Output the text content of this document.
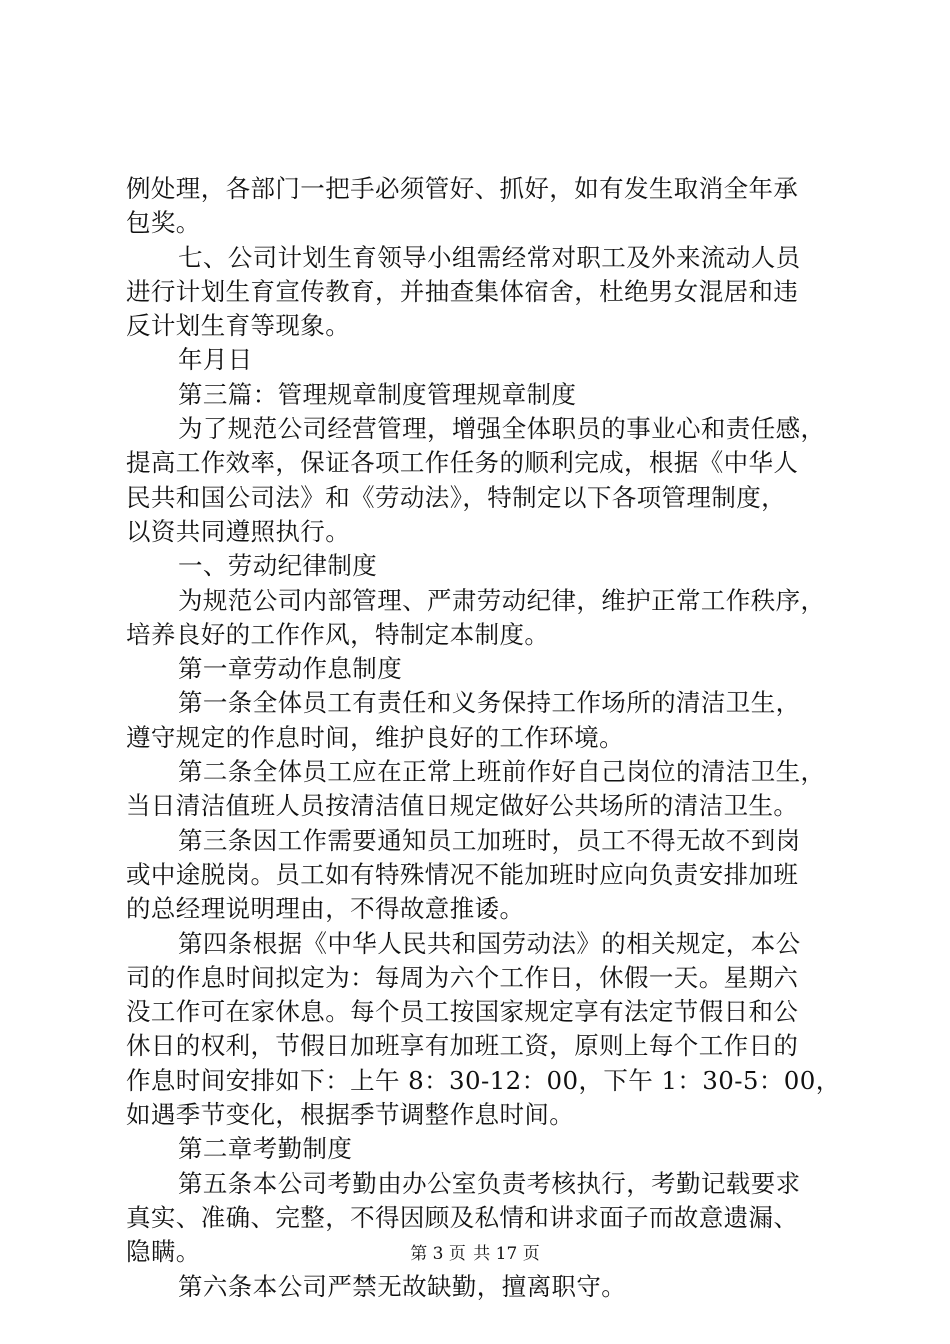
例处理，各部门一把手必须管好、抓好，如有发生取消全年承
包奖。
七、公司计划生育领导小组需经常对职工及外来流动人员
进行计划生育宣传教育，并抽查集体宿舍，杜绝男女混居和违
反计划生育等现象。
年月日
第三篇：管理规章制度管理规章制度
为了规范公司经营管理，增强全体职员的事业心和责任感，
提高工作效率，保证各项工作任务的顺利完成，根据《中华人
民共和国公司法》和《劳动法》，特制定以下各项管理制度，
以资共同遵照执行。
一、劳动纪律制度
为规范公司内部管理、严肃劳动纪律，维护正常工作秩序，
培养良好的工作作风，特制定本制度。
第一章劳动作息制度
第一条全体员工有责任和义务保持工作场所的清洁卫生，
遵守规定的作息时间，维护良好的工作环境。
第二条全体员工应在正常上班前作好自己岗位的清洁卫生，
当日清洁值班人员按清洁值日规定做好公共场所的清洁卫生。
第三条因工作需要通知员工加班时，员工不得无故不到岗
或中途脱岗。员工如有特殊情况不能加班时应向负责安排加班
的总经理说明理由，不得故意推诿。
第四条根据《中华人民共和国劳动法》的相关规定，本公
司的作息时间拟定为：每周为六个工作日，休假一天。星期六
没工作可在家休息。每个员工按国家规定享有法定节假日和公
休日的权利，节假日加班享有加班工资，原则上每个工作日的
作息时间安排如下：上午 8：30-12：00，下午 1：30-5：00，
如遇季节变化，根据季节调整作息时间。
第二章考勤制度
第五条本公司考勤由办公室负责考核执行，考勤记载要求
真实、准确、完整，不得因顾及私情和讲求面子而故意遗漏、
隐瞒。
第六条本公司严禁无故缺勤，擅离职守。
第 3 页 共 17 页
